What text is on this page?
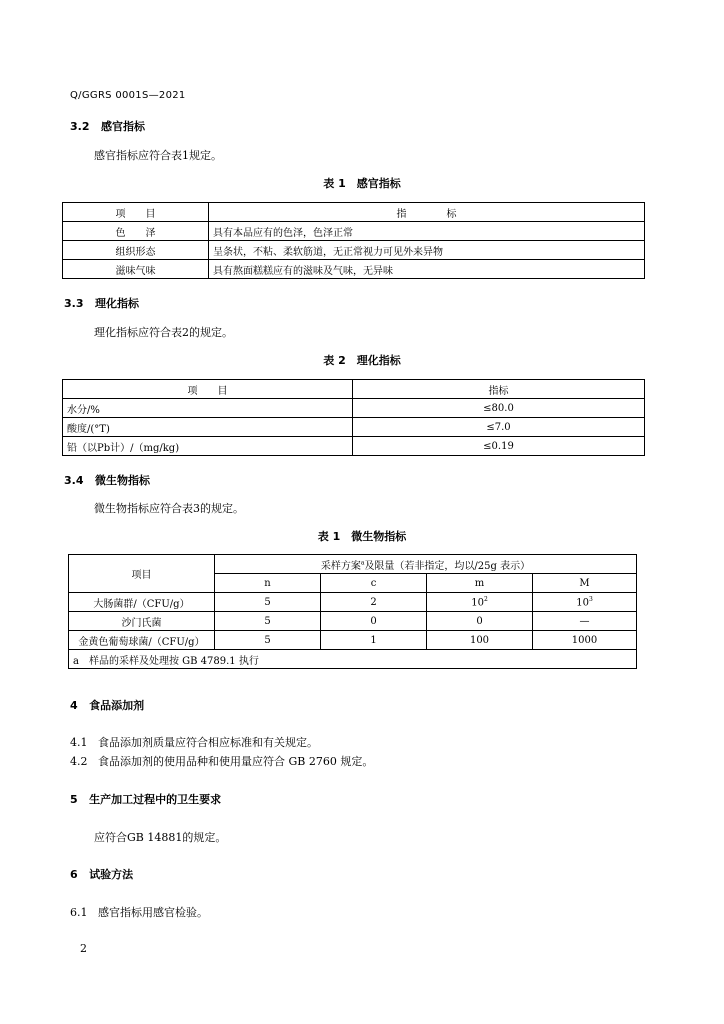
Q/GGRS 0001S—2021
3.2 感官指标
感官指标应符合表1规定。
表 1　感官指标
项　　目	指　　　　标
色　　泽	具有本品应有的色泽，色泽正常
组织形态	呈条状，不粘、柔软筋道，无正常视力可见外来异物
滋味气味	具有熬面糕糕应有的滋味及气味，无异味
3.3 理化指标
理化指标应符合表2的规定。
表 2　理化指标
项　　目	指标
水分/%	≤80.0
酸度/(°T)	≤7.0
铅（以Pb计）/（mg/kg)	≤0.19
3.4 微生物指标
微生物指标应符合表3的规定。
表 1　微生物指标
项目	采样方案$^a$及限量（若非指定，均以/25g 表示）			
	n	c	m	M
大肠菌群/（CFU/g）	5	2	$10^2$	$10^3$
沙门氏菌	5	0	0	—
金黄色葡萄球菌/（CFU/g）	5	1	100	1000
a　样品的采样及处理按 GB 4789.1 执行				
4 食品添加剂
4.1 食品添加剂质量应符合相应标准和有关规定。
4.2 食品添加剂的使用品种和使用量应符合 GB 2760 规定。
5 生产加工过程中的卫生要求
应符合GB 14881的规定。
6 试验方法
6.1 感官指标用感官检验。
2
